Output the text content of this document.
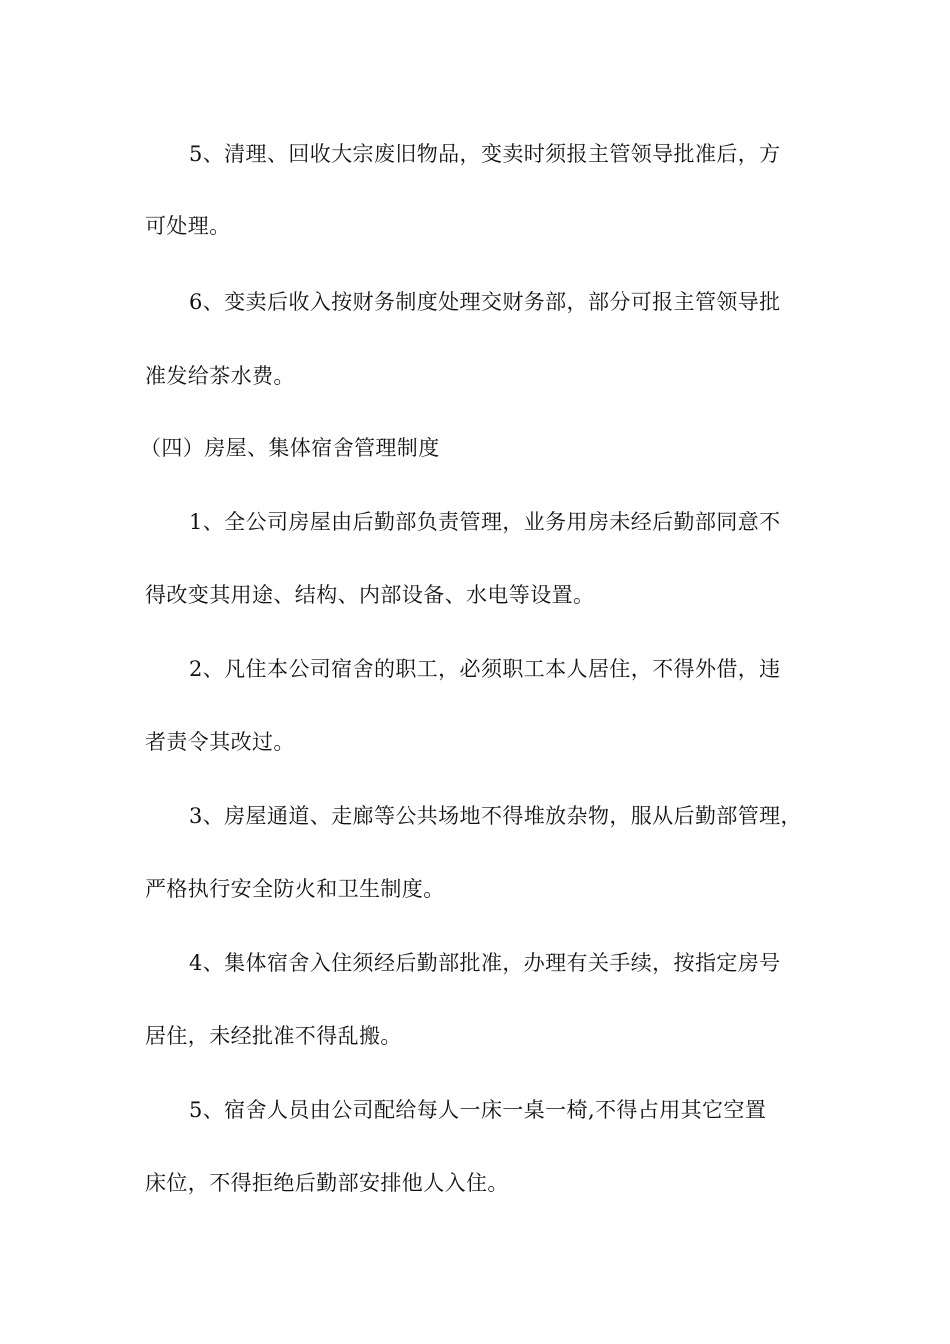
5、清理、回收大宗废旧物品，变卖时须报主管领导批准后，方
可处理。
6、变卖后收入按财务制度处理交财务部，部分可报主管领导批
准发给茶水费。
（四）房屋、集体宿舍管理制度
1、全公司房屋由后勤部负责管理，业务用房未经后勤部同意不
得改变其用途、结构、内部设备、水电等设置。
2、凡住本公司宿舍的职工，必须职工本人居住，不得外借，违
者责令其改过。
3、房屋通道、走廊等公共场地不得堆放杂物，服从后勤部管理，
严格执行安全防火和卫生制度。
4、集体宿舍入住须经后勤部批准，办理有关手续，按指定房号
居住，未经批准不得乱搬。
5、宿舍人员由公司配给每人一床一桌一椅,不得占用其它空置
床位，不得拒绝后勤部安排他人入住。
